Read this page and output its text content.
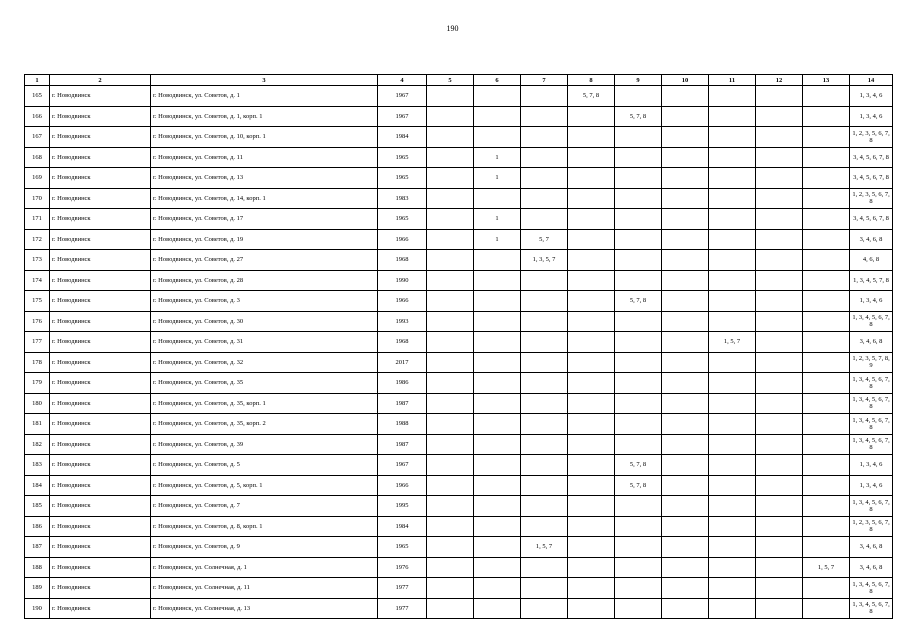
190
1	2	3	4	5	6	7	8	9	10	11	12	13	14
165	г. Новодвинск	г. Новодвинск, ул. Советов, д. 1	1967				5, 7, 8						1, 3, 4, 6
166	г. Новодвинск	г. Новодвинск, ул. Советов, д. 1, корп. 1	1967					5, 7, 8					1, 3, 4, 6
167	г. Новодвинск	г. Новодвинск, ул. Советов, д. 10, корп. 1	1984										1, 2, 3, 5, 6, 7, 8
168	г. Новодвинск	г. Новодвинск, ул. Советов, д. 11	1965		1								3, 4, 5, 6, 7, 8
169	г. Новодвинск	г. Новодвинск, ул. Советов, д. 13	1965		1								3, 4, 5, 6, 7, 8
170	г. Новодвинск	г. Новодвинск, ул. Советов, д. 14, корп. 1	1983										1, 2, 3, 5, 6, 7, 8
171	г. Новодвинск	г. Новодвинск, ул. Советов, д. 17	1965		1								3, 4, 5, 6, 7, 8
172	г. Новодвинск	г. Новодвинск, ул. Советов, д. 19	1966		1	5, 7							3, 4, 6, 8
173	г. Новодвинск	г. Новодвинск, ул. Советов, д. 27	1968			1, 3, 5, 7							4, 6, 8
174	г. Новодвинск	г. Новодвинск, ул. Советов, д. 28	1990										1, 3, 4, 5, 7, 8
175	г. Новодвинск	г. Новодвинск, ул. Советов, д. 3	1966					5, 7, 8					1, 3, 4, 6
176	г. Новодвинск	г. Новодвинск, ул. Советов, д. 30	1993										1, 3, 4, 5, 6, 7, 8
177	г. Новодвинск	г. Новодвинск, ул. Советов, д. 31	1968							1, 5, 7			3, 4, 6, 8
178	г. Новодвинск	г. Новодвинск, ул. Советов, д. 32	2017										1, 2, 3, 5, 7, 8, 9
179	г. Новодвинск	г. Новодвинск, ул. Советов, д. 35	1986										1, 3, 4, 5, 6, 7, 8
180	г. Новодвинск	г. Новодвинск, ул. Советов, д. 35, корп. 1	1987										1, 3, 4, 5, 6, 7, 8
181	г. Новодвинск	г. Новодвинск, ул. Советов, д. 35, корп. 2	1988										1, 3, 4, 5, 6, 7, 8
182	г. Новодвинск	г. Новодвинск, ул. Советов, д. 39	1987										1, 3, 4, 5, 6, 7, 8
183	г. Новодвинск	г. Новодвинск, ул. Советов, д. 5	1967					5, 7, 8					1, 3, 4, 6
184	г. Новодвинск	г. Новодвинск, ул. Советов, д. 5, корп. 1	1966					5, 7, 8					1, 3, 4, 6
185	г. Новодвинск	г. Новодвинск, ул. Советов, д. 7	1995										1, 3, 4, 5, 6, 7, 8
186	г. Новодвинск	г. Новодвинск, ул. Советов, д. 8, корп. 1	1984										1, 2, 3, 5, 6, 7, 8
187	г. Новодвинск	г. Новодвинск, ул. Советов, д. 9	1965			1, 5, 7							3, 4, 6, 8
188	г. Новодвинск	г. Новодвинск, ул. Солнечная, д. 1	1976									1, 5, 7	3, 4, 6, 8
189	г. Новодвинск	г. Новодвинск, ул. Солнечная, д. 11	1977										1, 3, 4, 5, 6, 7, 8
190	г. Новодвинск	г. Новодвинск, ул. Солнечная, д. 13	1977										1, 3, 4, 5, 6, 7, 8
